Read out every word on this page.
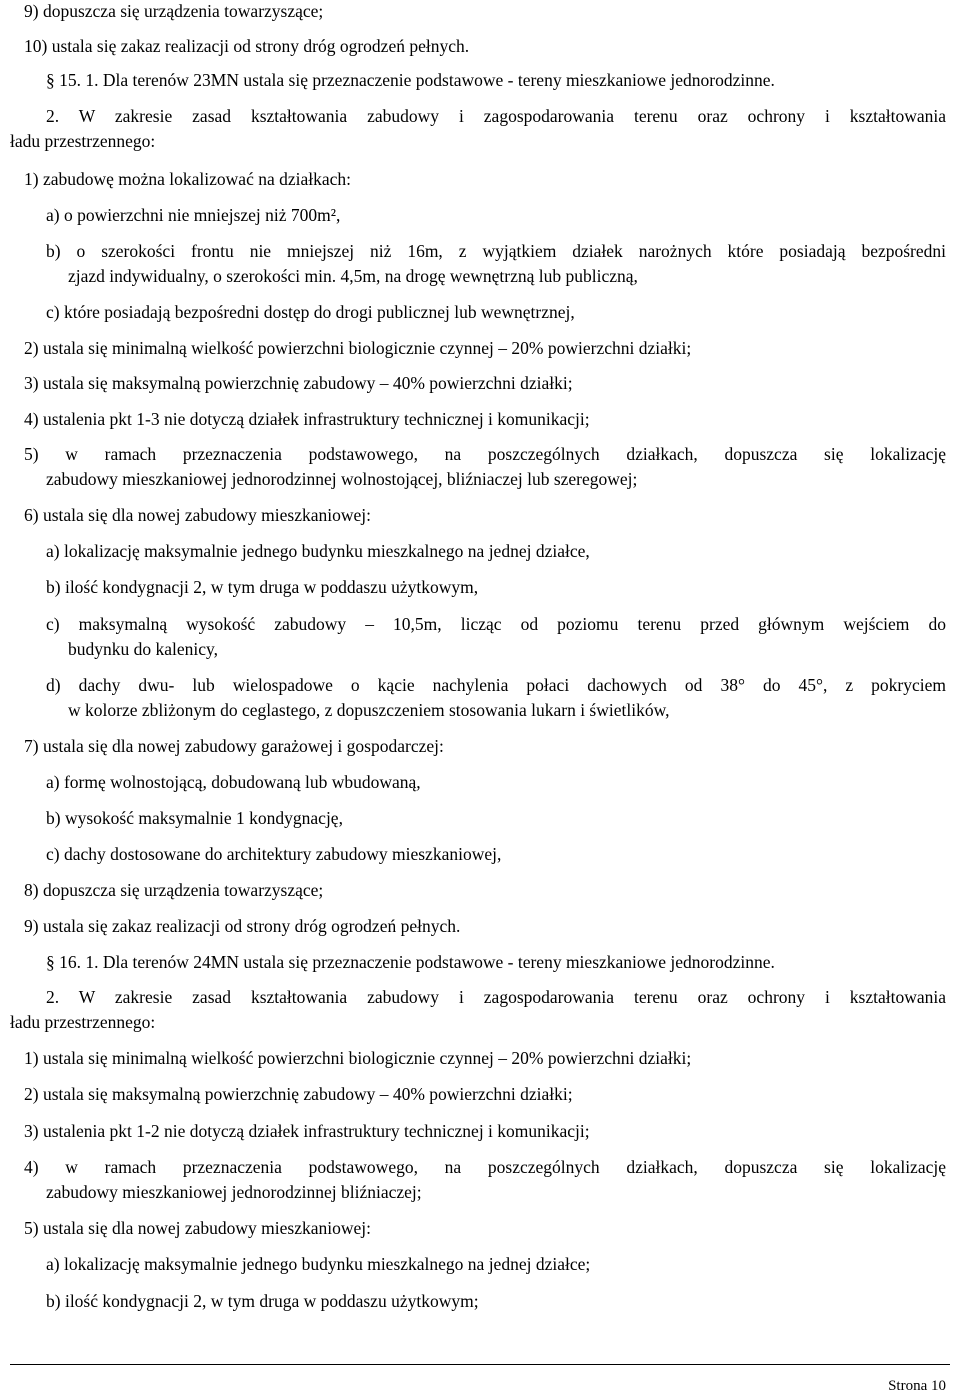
9) dopuszcza się urządzenia towarzyszące;
10) ustala się zakaz realizacji od strony dróg ogrodzeń pełnych.
§ 15. 1. Dla terenów 23MN ustala się przeznaczenie podstawowe - tereny mieszkaniowe jednorodzinne.
2. W zakresie zasad kształtowania zabudowy i zagospodarowania terenu oraz ochrony i kształtowania
ładu przestrzennego:
1) zabudowę można lokalizować na działkach:
a) o powierzchni nie mniejszej niż 700m²,
b) o szerokości frontu nie mniejszej niż 16m, z wyjątkiem działek narożnych które posiadają bezpośredni
zjazd indywidualny, o szerokości min. 4,5m, na drogę wewnętrzną lub publiczną,
c) które posiadają bezpośredni dostęp do drogi publicznej lub wewnętrznej,
2) ustala się minimalną wielkość powierzchni biologicznie czynnej – 20% powierzchni działki;
3) ustala się maksymalną powierzchnię zabudowy – 40% powierzchni działki;
4) ustalenia pkt 1-3 nie dotyczą działek infrastruktury technicznej i komunikacji;
5) w ramach przeznaczenia podstawowego, na poszczególnych działkach, dopuszcza się lokalizację
zabudowy mieszkaniowej jednorodzinnej wolnostojącej, bliźniaczej lub szeregowej;
6) ustala się dla nowej zabudowy mieszkaniowej:
a) lokalizację maksymalnie jednego budynku mieszkalnego na jednej działce,
b) ilość kondygnacji 2, w tym druga w poddaszu użytkowym,
c) maksymalną wysokość zabudowy – 10,5m, licząc od poziomu terenu przed głównym wejściem do
budynku do kalenicy,
d) dachy dwu- lub wielospadowe o kącie nachylenia połaci dachowych od 38° do 45°, z pokryciem
w kolorze zbliżonym do ceglastego, z dopuszczeniem stosowania lukarn i świetlików,
7) ustala się dla nowej zabudowy garażowej i gospodarczej:
a) formę wolnostojącą, dobudowaną lub wbudowaną,
b) wysokość maksymalnie 1 kondygnację,
c) dachy dostosowane do architektury zabudowy mieszkaniowej,
8) dopuszcza się urządzenia towarzyszące;
9) ustala się zakaz realizacji od strony dróg ogrodzeń pełnych.
§ 16. 1. Dla terenów 24MN ustala się przeznaczenie podstawowe - tereny mieszkaniowe jednorodzinne.
2. W zakresie zasad kształtowania zabudowy i zagospodarowania terenu oraz ochrony i kształtowania
ładu przestrzennego:
1) ustala się minimalną wielkość powierzchni biologicznie czynnej – 20% powierzchni działki;
2) ustala się maksymalną powierzchnię zabudowy – 40% powierzchni działki;
3) ustalenia pkt 1-2 nie dotyczą działek infrastruktury technicznej i komunikacji;
4) w ramach przeznaczenia podstawowego, na poszczególnych działkach, dopuszcza się lokalizację
zabudowy mieszkaniowej jednorodzinnej bliźniaczej;
5) ustala się dla nowej zabudowy mieszkaniowej:
a) lokalizację maksymalnie jednego budynku mieszkalnego na jednej działce;
b) ilość kondygnacji 2, w tym druga w poddaszu użytkowym;
Strona 10
